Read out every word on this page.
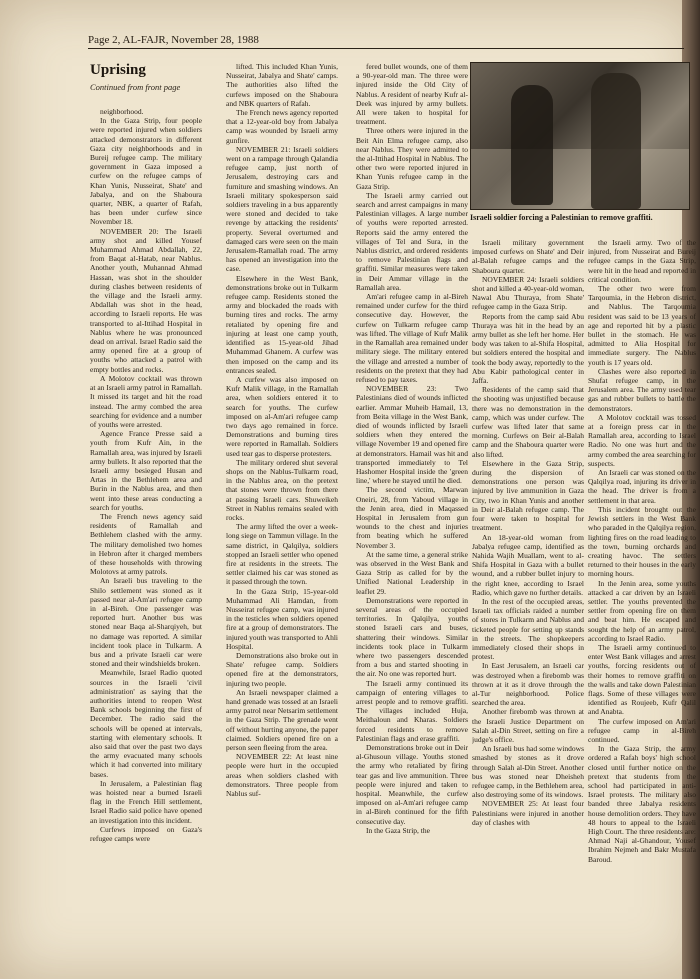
Page 2, AL-FAJR, November 28, 1988
Uprising
Continued from front page

neighborhood.

In the Gaza Strip, four people were reported injured when soldiers attacked demonstrators in different Gaza city neighborhoods and in Bureij refugee camp. The military government in Gaza imposed a curfew on the refugee camps of Khan Yunis, Nusseirat, Shate' and Jabalya, and on the Shaboura quarter, NBK, a quarter of Rafah, has been under curfew since November 18.

NOVEMBER 20: The Israeli army shot and killed Yousef Muhammad Ahmad Abdallah, 22, from Baqat al-Hatab, near Nablus. Another youth, Muhannad Ahmad Hassan, was shot in the shoulder during clashes between residents of the village and the Israeli army. Abdallah was shot in the head, according to Israeli reports. He was transported to al-Ittihad Hospital in Nablus where he was pronounced dead on arrival. Israel Radio said the army opened fire at a group of youths who attacked a patrol with empty bottles and rocks.

A Molotov cocktail was thrown at an Israeli army patrol in Ramallah. It missed its target and hit the road instead. The army combed the area searching for evidence and a number of youths were arrested.

Agence France Presse said a youth from Kufr Ain, in the Ramallah area, was injured by Israeli army bullets. It also reported that the Israeli army besieged Husan and Artas in the Bethlehem area and Burin in the Nablus area, and then went into these areas conducting a search for youths.

The French news agency said residents of Ramallah and Bethlehem clashed with the army. The military demolished two homes in Hebron after it charged members of these households with throwing Molotovs at army patrols.

An Israeli bus traveling to the Shilo settlement was stoned as it passed near al-Am'ari refugee camp in al-Bireh. One passenger was reported hurt. Another bus was stoned near Baqa al-Sharqiyeh, but no damage was reported. A similar incident took place in Tulkarm. A bus and a private Israeli car were stoned and their windshields broken.

Meanwhile, Israel Radio quoted sources in the Israeli 'civil administration' as saying that the authorities intend to reopen West Bank schools beginning the first of December. The radio said the schools will be opened at intervals, starting with elementary schools. It also said that over the past two days the army evacuated many schools which it had converted into military bases.

In Jerusalem, a Palestinian flag was hoisted near a burned Israeli flag in the French Hill settlement, Israel Radio said police have opened an investigation into this incident.

Curfews imposed on Gaza's refugee camps were

lifted. This included Khan Yunis, Nusseirat, Jabalya and Shate' camps. The authorities also lifted the curfews imposed on the Shaboura and NBK quarters of Rafah.

The French news agency reported that a 12-year-old boy from Jabalya camp was wounded by Israeli army gunfire.

NOVEMBER 21: Israeli soldiers went on a rampage through Qalandia refugee camp, just north of Jerusalem, destroying cars and furniture and smashing windows. An Israeli military spokesperson said soldiers traveling in a bus apparently were stoned and decided to take revenge by attacking the residents' property. Several overturned and damaged cars were seen on the main Jerusalem-Ramallah road. The army has opened an investigation into the case.

Elsewhere in the West Bank, demonstrations broke out in Tulkarm refugee camp. Residents stoned the army and blockaded the roads with burning tires and rocks. The army retaliated by opening fire and injuring at least one camp youth, identified as 15-year-old Jihad Muhammad Ghanem. A curfew was then imposed on the camp and its entrances sealed.

A curfew was also imposed on Kufr Malik village, in the Ramallah area, when soldiers entered it to search for youths. The curfew imposed on al-Am'ari refugee camp two days ago remained in force. Demonstrations and burning tires were reported in Ramallah. Soldiers used tear gas to disperse protesters.

The military ordered shut several shops on the Nablus-Tulkarm road, in the Nablus area, on the pretext that stones were thrown from there at passing Israeli cars. Shuweikeh Street in Nablus remains sealed with rocks.

The army lifted the over a week-long siege on Tammun village. In the same district, in Qalqilya, soldiers stopped an Israeli settler who opened fire at residents in the streets. The settler claimed his car was stoned as it passed through the town.

In the Gaza Strip, 15-year-old Muhammad Ali Hamdan, from Nusseirat refugee camp, was injured in the testicles when soldiers opened fire at a group of demonstrators. The injured youth was transported to Ahli Hospital.

Demonstrations also broke out in Shate' refugee camp. Soldiers opened fire at the demonstrators, injuring two people.

An Israeli newspaper claimed a hand grenade was tossed at an Israeli army patrol near Netsarim settlement in the Gaza Strip. The grenade went off without hurting anyone, the paper claimed. Soldiers opened fire on a person seen fleeing from the area.

NOVEMBER 22: At least nine people were hurt in the occupied areas when soldiers clashed with demonstrators. Three people from Nablus suf-

fered bullet wounds, one of them a 90-year-old man. The three were injured inside the Old City of Nablus. A resident of nearby Kufr al-Deek was injured by army bullets. All were taken to hospital for treatment.

Three others were injured in the Beit Ain Elma refugee camp, also near Nablus. They were admitted to the al-Ittihad Hospital in Nablus. The other two were reported injured in Khan Yunis refugee camp in the Gaza Strip.

The Israeli army carried out search and arrest campaigns in many Palestinian villages. A large number of youths were reported arrested. Reports said the army entered the villages of Tel and Sura, in the Nablus district, and ordered residents to remove Palestinian flags and graffiti. Similar measures were taken in Deir Ammar village in the Ramallah area.

Am'ari refugee camp in al-Bireh remained under curfew for the third consecutive day. However, the curfew on Tulkarm refugee camp was lifted. The village of Kufr Malik in the Ramallah area remained under military siege. The military entered the village and arrested a number of residents on the pretext that they had refused to pay taxes.

NOVEMBER 23: Two Palestinians died of wounds inflicted earlier. Ammar Muheib Hamail, 13, from Beita village in the West Bank, died of wounds inflicted by Israeli soldiers when they entered the village November 19 and opened fire at demonstrators. Hamail was hit and transported immediately to Tel Hashomer Hospital inside the 'green line,' where he stayed until he died.

The second victim, Marwan Oneiri, 28, from Yaboud village in the Jenin area, died in Maqassed Hospital in Jerusalem from gun wounds to the chest and injuries from beating which he suffered November 3.

At the same time, a general strike was observed in the West Bank and Gaza Strip as called for by the Unified National Leadership in leaflet 29.

Demonstrations were reported in several areas of the occupied territories. In Qalqilya, youths stoned Israeli cars and buses, shattering their windows. Similar incidents took place in Tulkarm where two passengers descended from a bus and started shooting in the air. No one was reported hurt.

The Israeli army continued its campaign of entering villages to arrest people and to remove graffiti. The villages included Huja, Meithaloun and Kharas. Soldiers forced residents to remove Palestinian flags and erase graffiti.

Demonstrations broke out in Deir al-Ghusoun village. Youths stoned the army who retaliated by firing tear gas and live ammunition. Three people were injured and taken to hospital. Meanwhile, the curfew imposed on al-Am'ari refugee camp in al-Bireh continued for the fifth consecutive day.

In the Gaza Strip, the

Israeli soldier forcing a Palestinian to remove graffiti.

Israeli military government imposed curfews on Shate' and Deir al-Balah refugee camps and the Shaboura quarter.

NOVEMBER 24: Israeli soldiers shot and killed a 40-year-old woman, Nawal Abu Thuraya, from Shate' refugee camp in the Gaza Strip.

Reports from the camp said Abu Thuraya was hit in the head by an army bullet as she left her home. Her body was taken to al-Shifa Hospital, but soldiers entered the hospital and took the body away, reportedly to the Abu Kabir pathological center in Jaffa.

Residents of the camp said that the shooting was unjustified because there was no demonstration in the camp, which was under curfew. The curfew was lifted later that same morning. Curfews on Beir al-Balah camp and the Shaboura quarter were also lifted.

Elsewhere in the Gaza Strip, during the dispersion of demonstrations one person was injured by live ammunition in Gaza City, two in Khan Yunis and another in Deir al-Balah refugee camp. The four were taken to hospital for treatment.

An 18-year-old woman from Jabalya refugee camp, identified as Nahida Wajih Muallam, went to al-Shifa Hospital in Gaza with a bullet wound, and a rubber bullet injury to the right knee, according to Israel Radio, which gave no further details.

In the rest of the occupied areas, Israeli tax officials raided a number of stores in Tulkarm and Nablus and ticketed people for setting up stands in the streets. The shopkeepers immediately closed their shops in protest.

In East Jerusalem, an Israeli car was destroyed when a firebomb was thrown at it as it drove through the al-Tur neighborhood. Police searched the area.

Another firebomb was thrown at the Israeli Justice Department on Salah al-Din Street, setting on fire a judge's office.

An Israeli bus had some windows smashed by stones as it drove through Salah al-Din Street. Another bus was stoned near Dheisheh refugee camp, in the Bethlehem area, also destroying some of its windows.

NOVEMBER 25: At least four Palestinians were injured in another day of clashes with

the Israeli army. Two of the injured, from Nusseirat and Bureij refugee camps in the Gaza Strip, were hit in the head and reported in critical condition.

The other two were from Tarqoumia, in the Hebron district, and Nablus. The Tarqoumia resident was said to be 13 years of age and reported hit by a plastic bullet in the stomach. He was admitted to Alia Hospital for immediate surgery. The Nablus youth is 17 years old.

Clashes were also reported in Shufat refugee camp, in the Jerusalem area. The army used tear gas and rubber bullets to battle the demonstrators.

A Molotov cocktail was tossed at a foreign press car in the Ramallah area, according to Israel Radio. No one was hurt and the army combed the area searching for suspects.

An Israeli car was stoned on the Qalqilya road, injuring its driver in the head. The driver is from a settlement in that area.

This incident brought out the Jewish settlers in the West Bank who paraded in the Qalqilya region, lighting fires on the road leading to the town, burning orchards and creating havoc. The settlers returned to their houses in the early morning hours.

In the Jenin area, some youths attacked a car driven by an Israeli settler. The youths prevented the settler from opening fire on them and beat him. He escaped and sought the help of an army patrol, according to Israel Radio.

The Israeli army continued to enter West Bank villages and arrest youths, forcing residents out of their homes to remove graffiti on the walls and take down Palestinian flags. Some of these villages were identified as Roujeeb, Kufr Qalil and Anabta.

The curfew imposed on Am'ari refugee camp in al-Bireh continued.

In the Gaza Strip, the army ordered a Rafah boys' high school closed until further notice on the pretext that students from the school had participated in anti-Israel protests. The military also banded three Jabalya residents house demolition orders. They have 48 hours to appeal to the Israeli High Court. The three residents are: Ahmad Naji al-Ghandour, Yousef Ibrahim Nejmeh and Bakr Mustafa Baroud.
